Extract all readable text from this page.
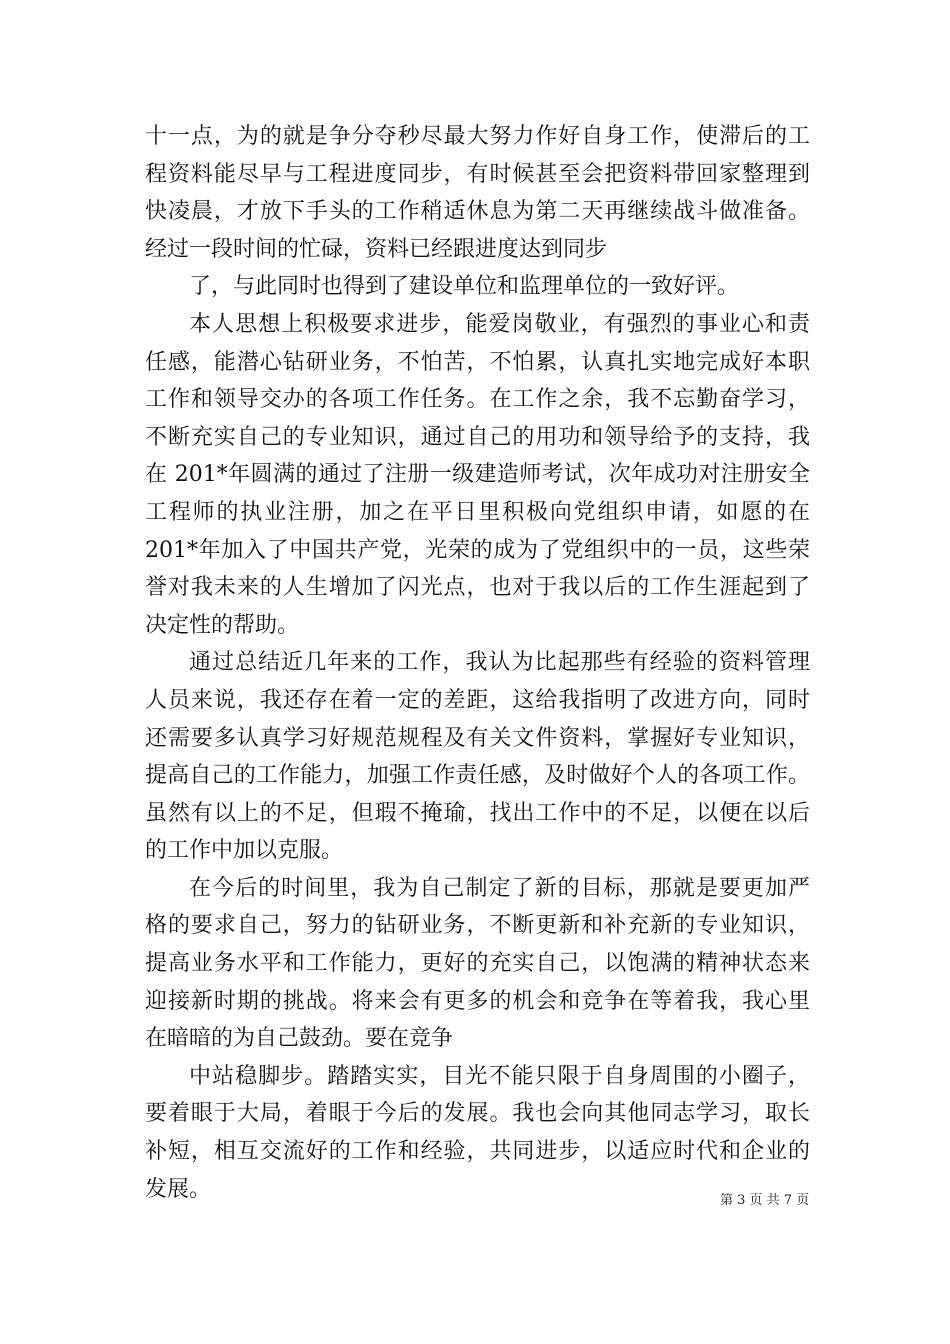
十一点，为的就是争分夺秒尽最大努力作好自身工作，使滞后的工
程资料能尽早与工程进度同步，有时候甚至会把资料带回家整理到
快凌晨，才放下手头的工作稍适休息为第二天再继续战斗做准备。
经过一段时间的忙碌，资料已经跟进度达到同步
了，与此同时也得到了建设单位和监理单位的一致好评。
本人思想上积极要求进步，能爱岗敬业，有强烈的事业心和责
任感，能潜心钻研业务，不怕苦，不怕累，认真扎实地完成好本职
工作和领导交办的各项工作任务。在工作之余，我不忘勤奋学习，
不断充实自己的专业知识，通过自己的用功和领导给予的支持，我
在 201*年圆满的通过了注册一级建造师考试，次年成功对注册安全
工程师的执业注册，加之在平日里积极向党组织申请，如愿的在
201*年加入了中国共产党，光荣的成为了党组织中的一员，这些荣
誉对我未来的人生增加了闪光点，也对于我以后的工作生涯起到了
决定性的帮助。
通过总结近几年来的工作，我认为比起那些有经验的资料管理
人员来说，我还存在着一定的差距，这给我指明了改进方向，同时
还需要多认真学习好规范规程及有关文件资料，掌握好专业知识，
提高自己的工作能力，加强工作责任感，及时做好个人的各项工作。
虽然有以上的不足，但瑕不掩瑜，找出工作中的不足，以便在以后
的工作中加以克服。
在今后的时间里，我为自己制定了新的目标，那就是要更加严
格的要求自己，努力的钻研业务，不断更新和补充新的专业知识，
提高业务水平和工作能力，更好的充实自己，以饱满的精神状态来
迎接新时期的挑战。将来会有更多的机会和竞争在等着我，我心里
在暗暗的为自己鼓劲。要在竞争
中站稳脚步。踏踏实实，目光不能只限于自身周围的小圈子，
要着眼于大局，着眼于今后的发展。我也会向其他同志学习，取长
补短，相互交流好的工作和经验，共同进步，以适应时代和企业的
发展。	第 3 页 共 7 页
